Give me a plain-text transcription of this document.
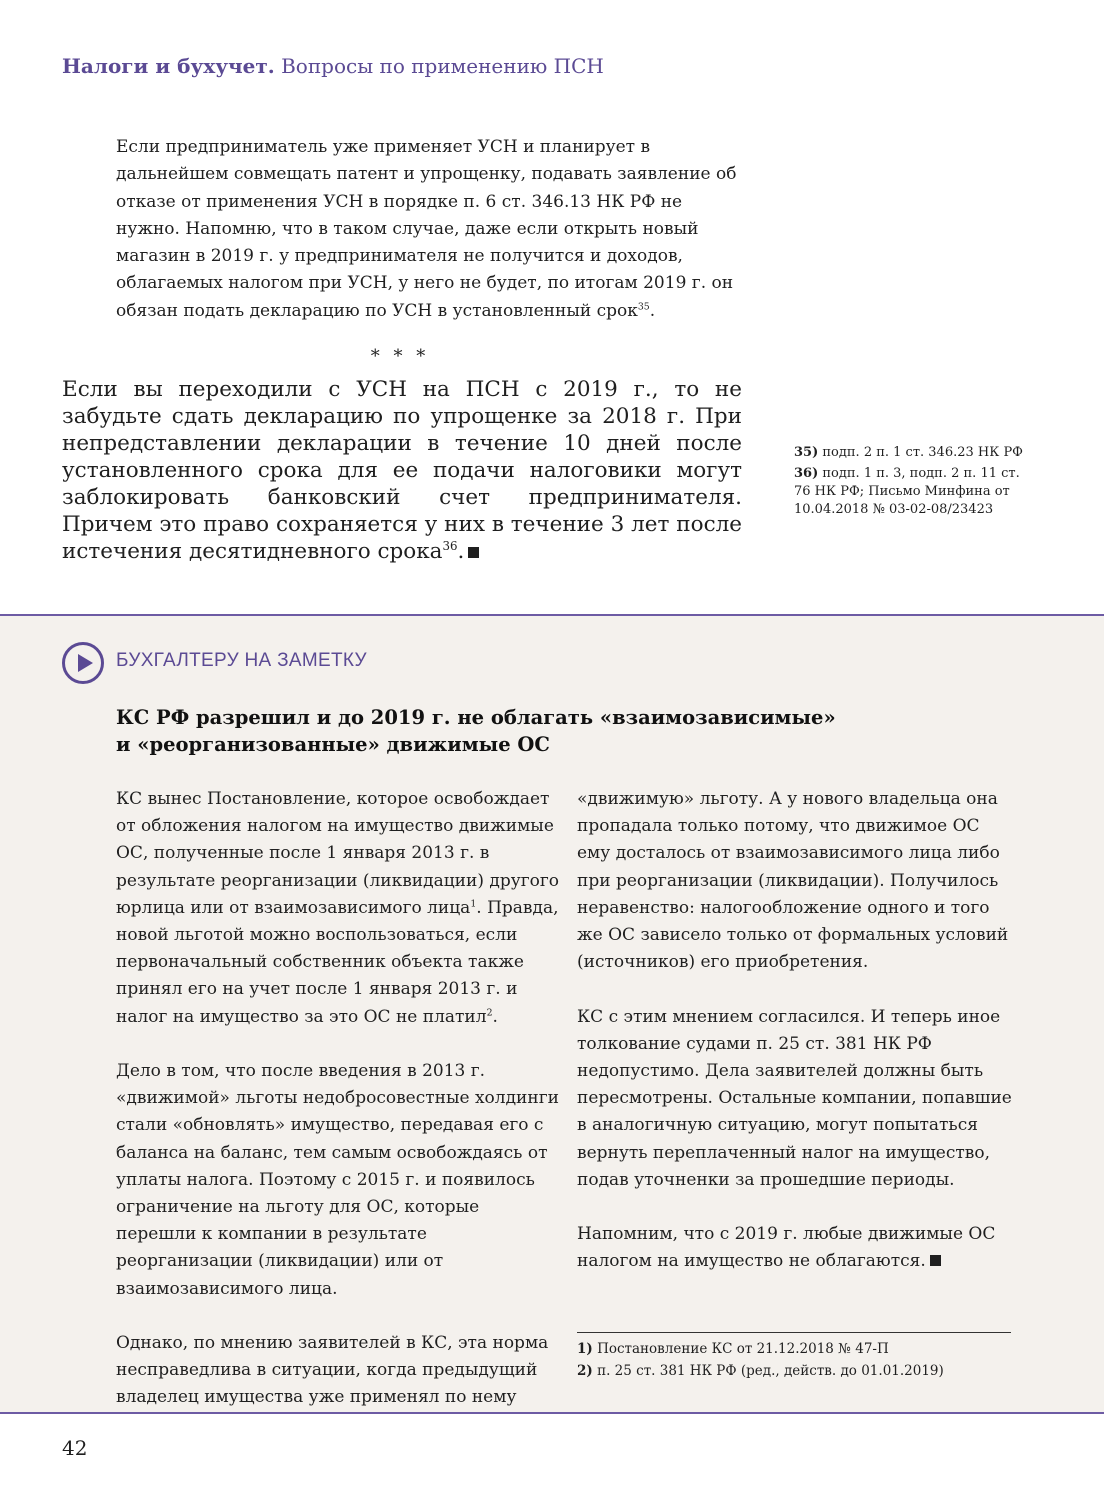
Налоги и бухучет. Вопросы по применению ПСН
Если предприниматель уже применяет УСН и планирует в дальнейшем совмещать патент и упрощенку, подавать заявление об отказе от применения УСН в порядке п. 6 ст. 346.13 НК РФ не нужно. Напомню, что в таком случае, даже если открыть новый магазин в 2019 г. у предпринимателя не получится и доходов, облагаемых налогом при УСН, у него не будет, по итогам 2019 г. он обязан подать декларацию по УСН в установленный срок$^{35}$.
* * *
Если вы переходили с УСН на ПСН с 2019 г., то не забудьте сдать декларацию по упрощенке за 2018 г. При непредставлении декларации в течение 10 дней после установленного срока для ее подачи налоговики могут заблокировать банковский счет предпринимателя. Причем это право сохраняется у них в течение 3 лет после истечения десятидневного срока$^{36}$.
35) подп. 2 п. 1 ст. 346.23 НК РФ
36) подп. 1 п. 3, подп. 2 п. 11 ст. 76 НК РФ; Письмо Минфина от 10.04.2018 № 03-02-08/23423
БУХГАЛТЕРУ НА ЗАМЕТКУ
КС РФ разрешил и до 2019 г. не облагать «взаимозависимые»
и «реорганизованные» движимые ОС

КС вынес Постановление, которое освобождает от обложения налогом на имущество движимые ОС, полученные после 1 января 2013 г. в результате реорганизации (ликвидации) другого юрлица или от взаимозависимого лица$^1$. Правда, новой льготой можно воспользоваться, если первоначальный собственник объекта также принял его на учет после 1 января 2013 г. и налог на имущество за это ОС не платил$^2$.

Дело в том, что после введения в 2013 г. «движимой» льготы недобросовестные холдинги стали «обновлять» имущество, передавая его с баланса на баланс, тем самым освобождаясь от уплаты налога. Поэтому с 2015 г. и появилось ограничение на льготу для ОС, которые перешли к компании в результате реорганизации (ликвидации) или от взаимозависимого лица.

Однако, по мнению заявителей в КС, эта норма несправедлива в ситуации, когда предыдущий владелец имущества уже применял по нему

«движимую» льготу. А у нового владельца она пропадала только потому, что движимое ОС ему досталось от взаимозависимого лица либо при реорганизации (ликвидации). Получилось неравенство: налогообложение одного и того же ОС зависело только от формальных условий (источников) его приобретения.

КС с этим мнением согласился. И теперь иное толкование судами п. 25 ст. 381 НК РФ недопустимо. Дела заявителей должны быть пересмотрены. Остальные компании, попавшие в аналогичную ситуацию, могут попытаться вернуть переплаченный налог на имущество, подав уточненки за прошедшие периоды.

Напомним, что с 2019 г. любые движимые ОС налогом на имущество не облагаются.

1) Постановление КС от 21.12.2018 № 47-П
2) п. 25 ст. 381 НК РФ (ред., действ. до 01.01.2019)
42
